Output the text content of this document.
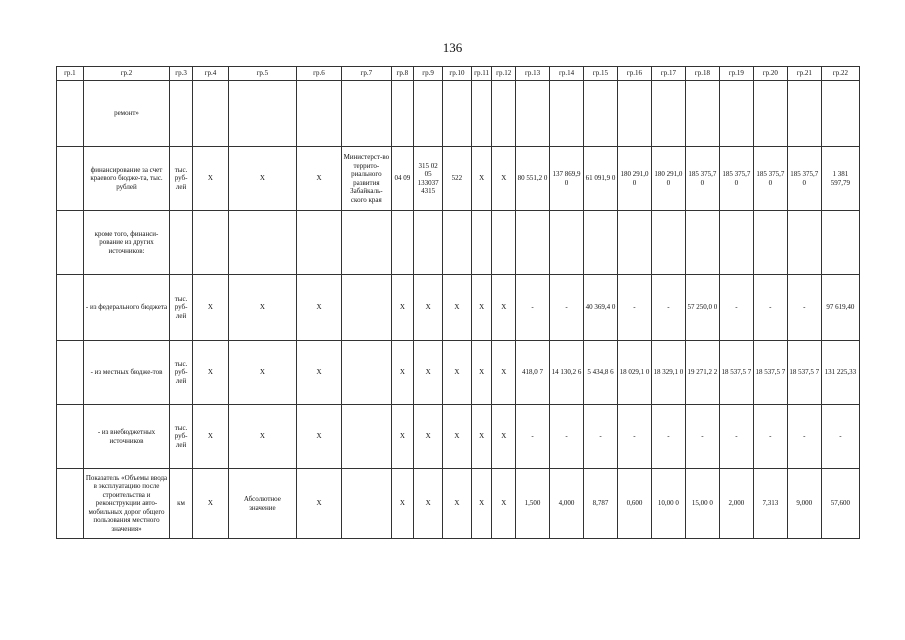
136
гр.1	гр.2	гр.3	гр.4	гр.5	гр.6	гр.7	гр.8	гр.9	гр.10	гр.11	гр.12	гр.13	гр.14	гр.15	гр.16	гр.17	гр.18	гр.19	гр.20	гр.21	гр.22
	ремонт»																				
	финансирование за счет краевого бюдже-та, тыс. рублей	тыс. руб-лей	X	X	X	Министерст-во террито-риального развития Забайкаль-ского края	04 09	315 02 05 133037 4315	522	X	X	80 551,2 0	137 869,9 0	61 091,9 0	180 291,0 0	180 291,0 0	185 375,7 0	185 375,7 0	185 375,7 0	185 375,7 0	1 381 597,79
	кроме того, финанси-рование из других источников:																				
	- из федерального бюджета	тыс. руб-лей	X	X	X		X	X	X	X	X	-	-	40 369,4 0	-	-	57 250,0 0	-	-	-	97 619,40
	- из местных бюдже-тов	тыс. руб-лей	X	X	X		X	X	X	X	X	418,0 7	14 130,2 6	5 434,8 6	18 029,1 0	18 329,1 0	19 271,2 2	18 537,5 7	18 537,5 7	18 537,5 7	131 225,33
	- из внебюджетных источников	тыс. руб-лей	X	X	X		X	X	X	X	X	-	-	-	-	-	-	-	-	-	-
	Показатель «Объемы ввода в эксплуатацию после строительства и реконструкции авто-мобильных дорог общего пользования местного значения»	км	X	Абсолютное значение	X		X	X	X	X	X	1,500	4,000	8,787	0,600	10,00 0	15,00 0	2,000	7,313	9,000	57,600
